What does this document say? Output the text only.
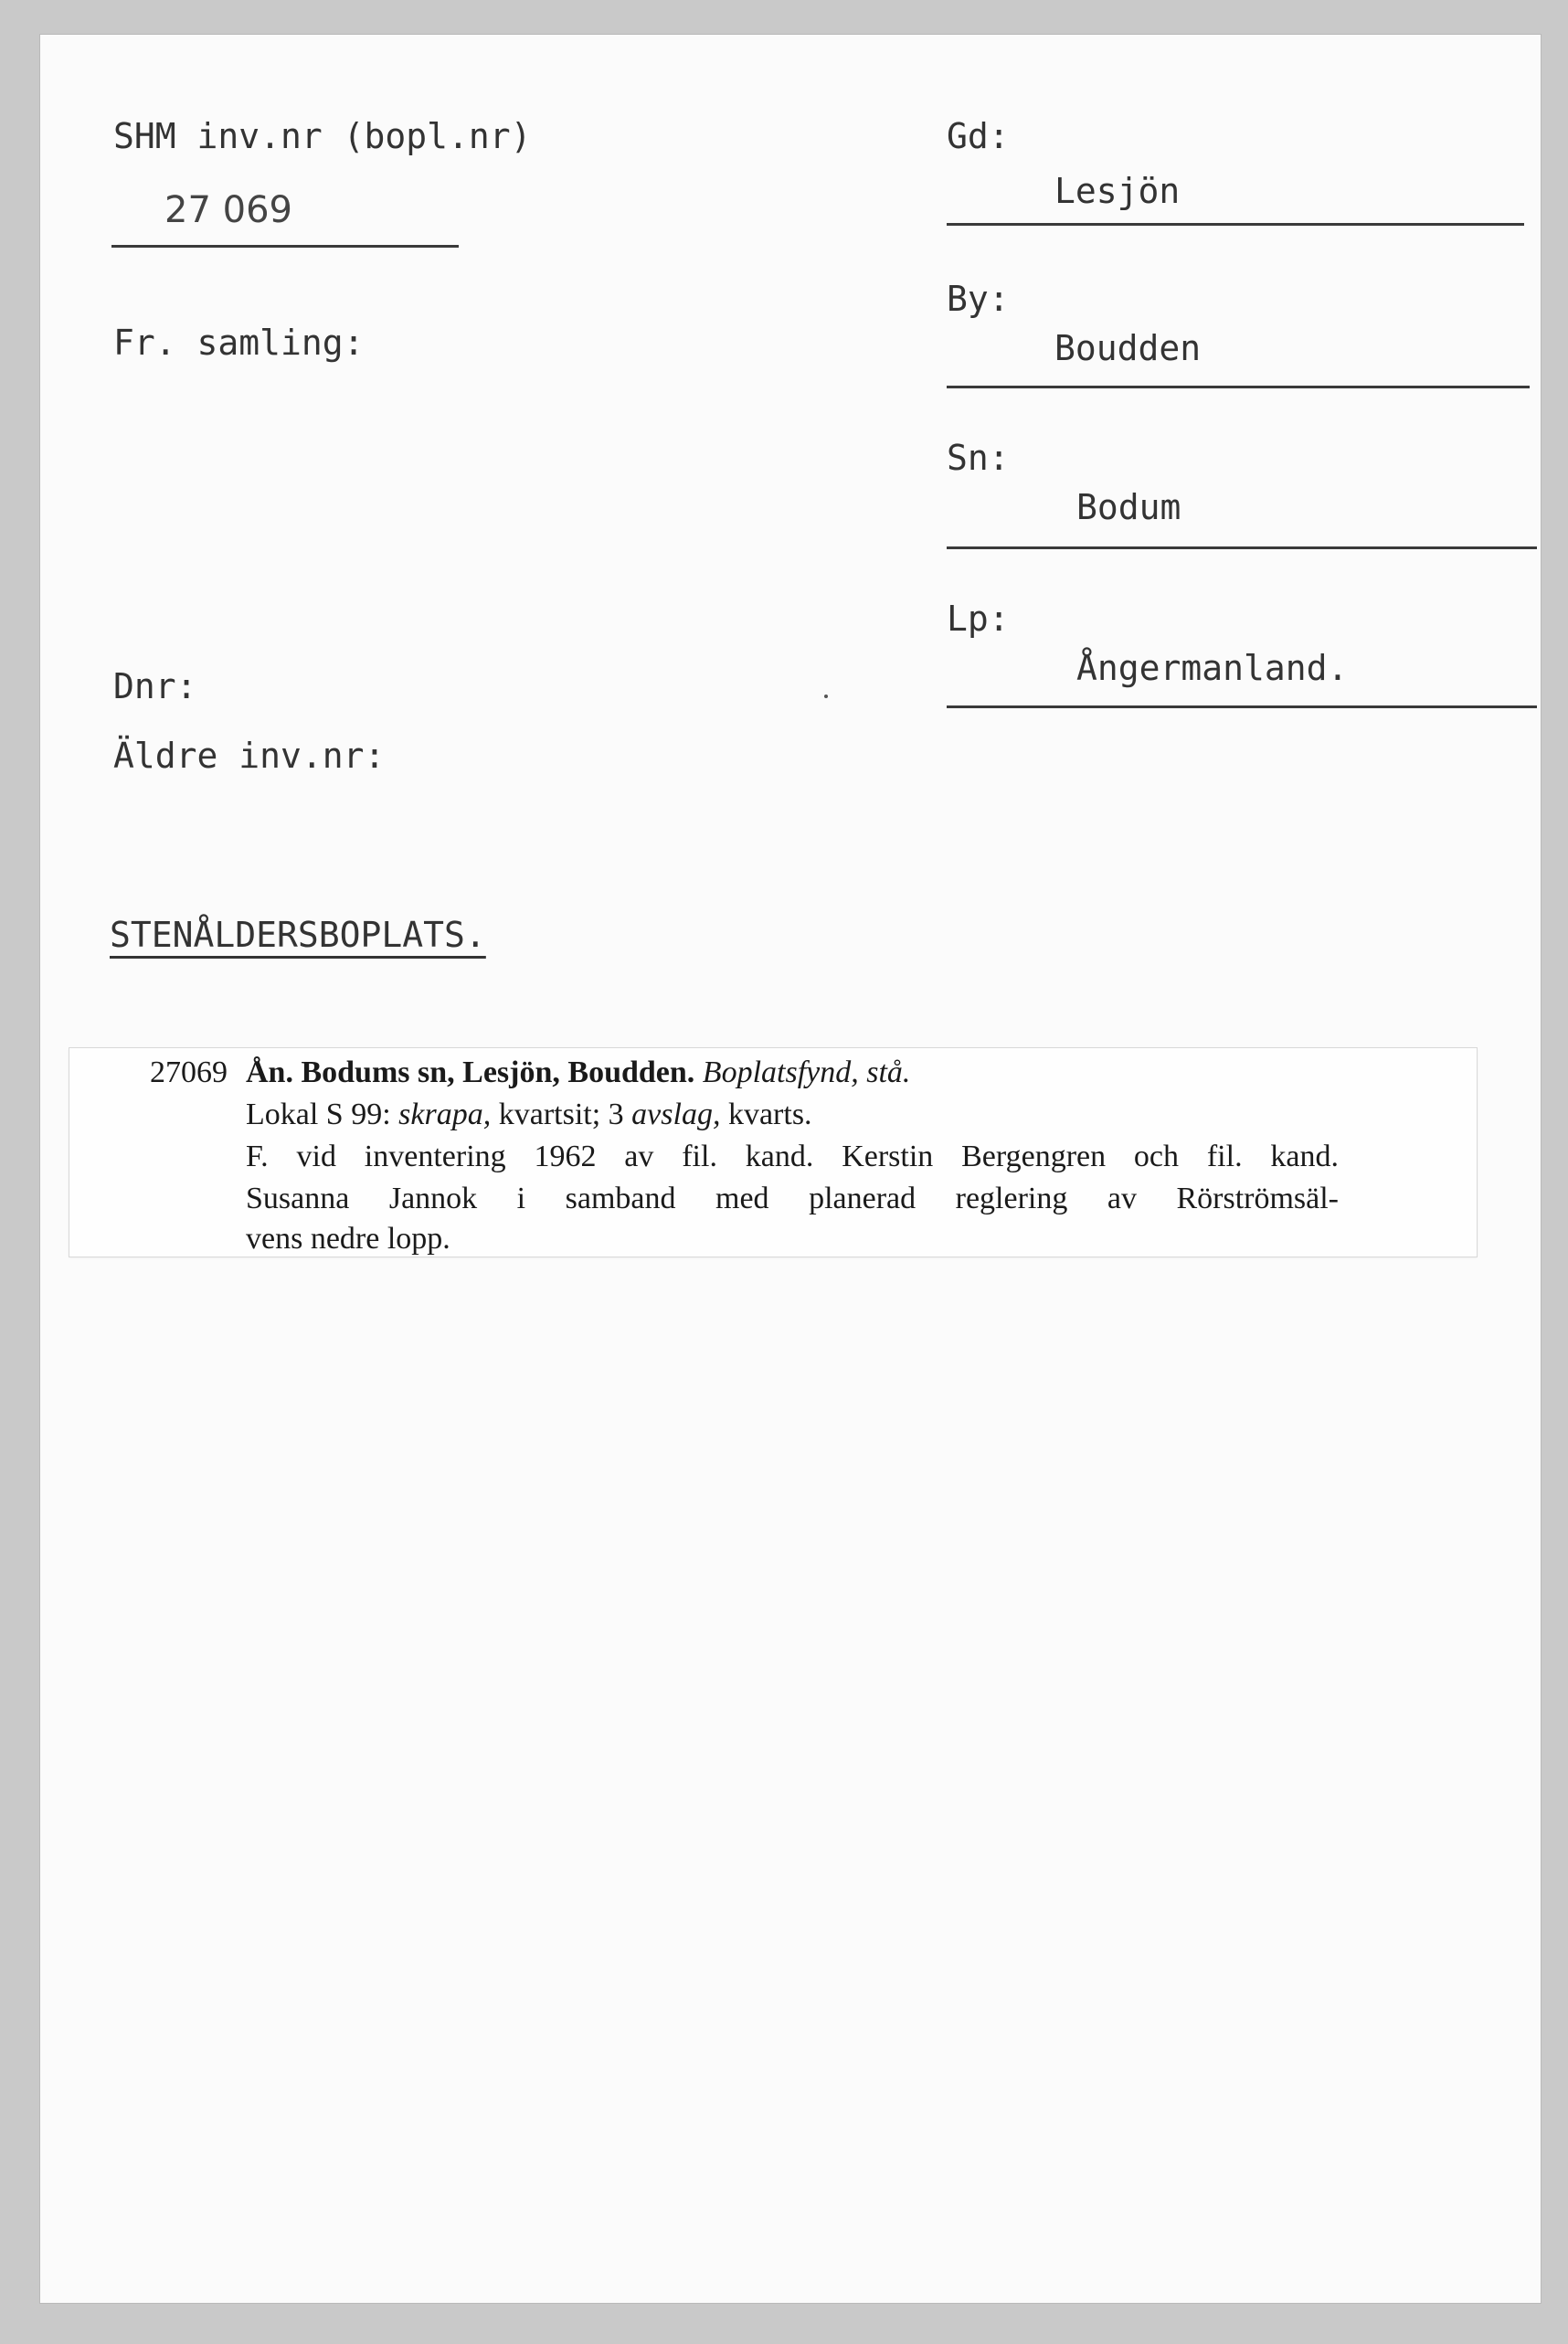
SHM inv.nr (bopl.nr)
27 069
Fr. samling:
Dnr:
Äldre inv.nr:
STENÅLDERSBOPLATS.
Gd:
Lesjön
By:
Boudden
Sn:
Bodum
Lp:
Ångermanland.
Ån. Bodums sn, Lesjön, Boudden. Boplatsfynd, stå.
Lokal S 99: skrapa, kvartsit; 3 avslag, kvarts.
F. vid inventering 1962 av fil. kand. Kerstin Bergengren och fil. kand.
Susanna Jannok i samband med planerad reglering av Rörströmsäl-
vens nedre lopp.
27069
